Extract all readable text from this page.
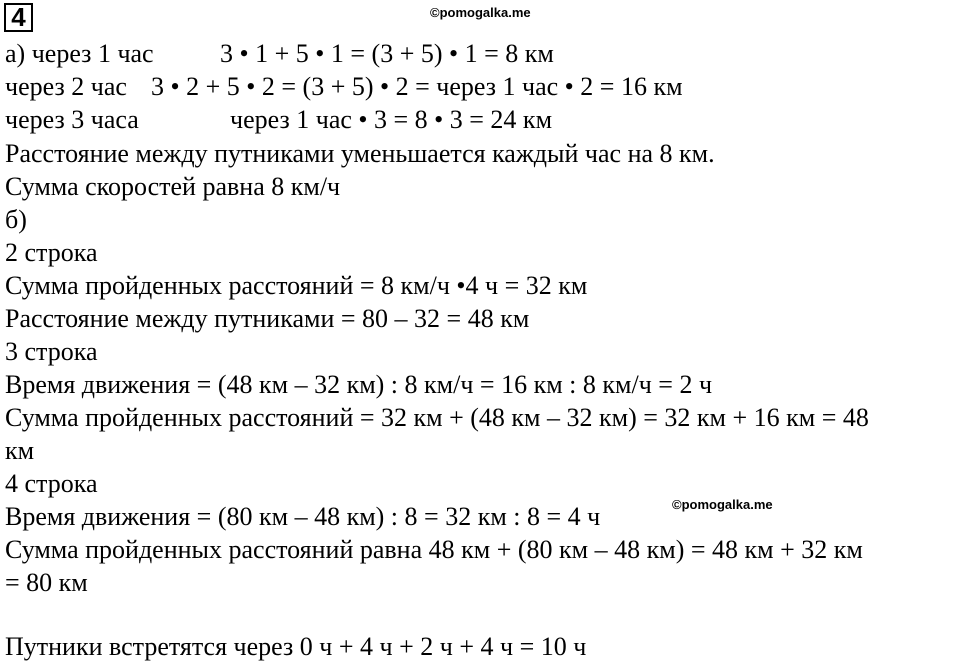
4	©pomogalka.me
©pomogalka.me
а) через 1 час	3 • 1 + 5 • 1 = (3 + 5) • 1 = 8 км
через 2 час 3 • 2 + 5 • 2 = (3 + 5) • 2 = через 1 час • 2 = 16 км
через 3 часа	через 1 час • 3 = 8 • 3 = 24 км
Расстояние между путниками уменьшается каждый час на 8 км.
Сумма скоростей равна 8 км/ч
б)
2 строка
Сумма пройденных расстояний = 8 км/ч •4 ч = 32 км
Расстояние между путниками = 80 – 32 = 48 км
3 строка
Время движения = (48 км – 32 км) : 8 км/ч = 16 км : 8 км/ч = 2 ч
Сумма пройденных расстояний = 32 км + (48 км – 32 км) = 32 км + 16 км = 48
км
4 строка
Время движения = (80 км – 48 км) : 8 = 32 км : 8 = 4 ч
Сумма пройденных расстояний равна 48 км + (80 км – 48 км) = 48 км + 32 км
= 80 км
Путники встретятся через 0 ч + 4 ч + 2 ч + 4 ч = 10 ч
